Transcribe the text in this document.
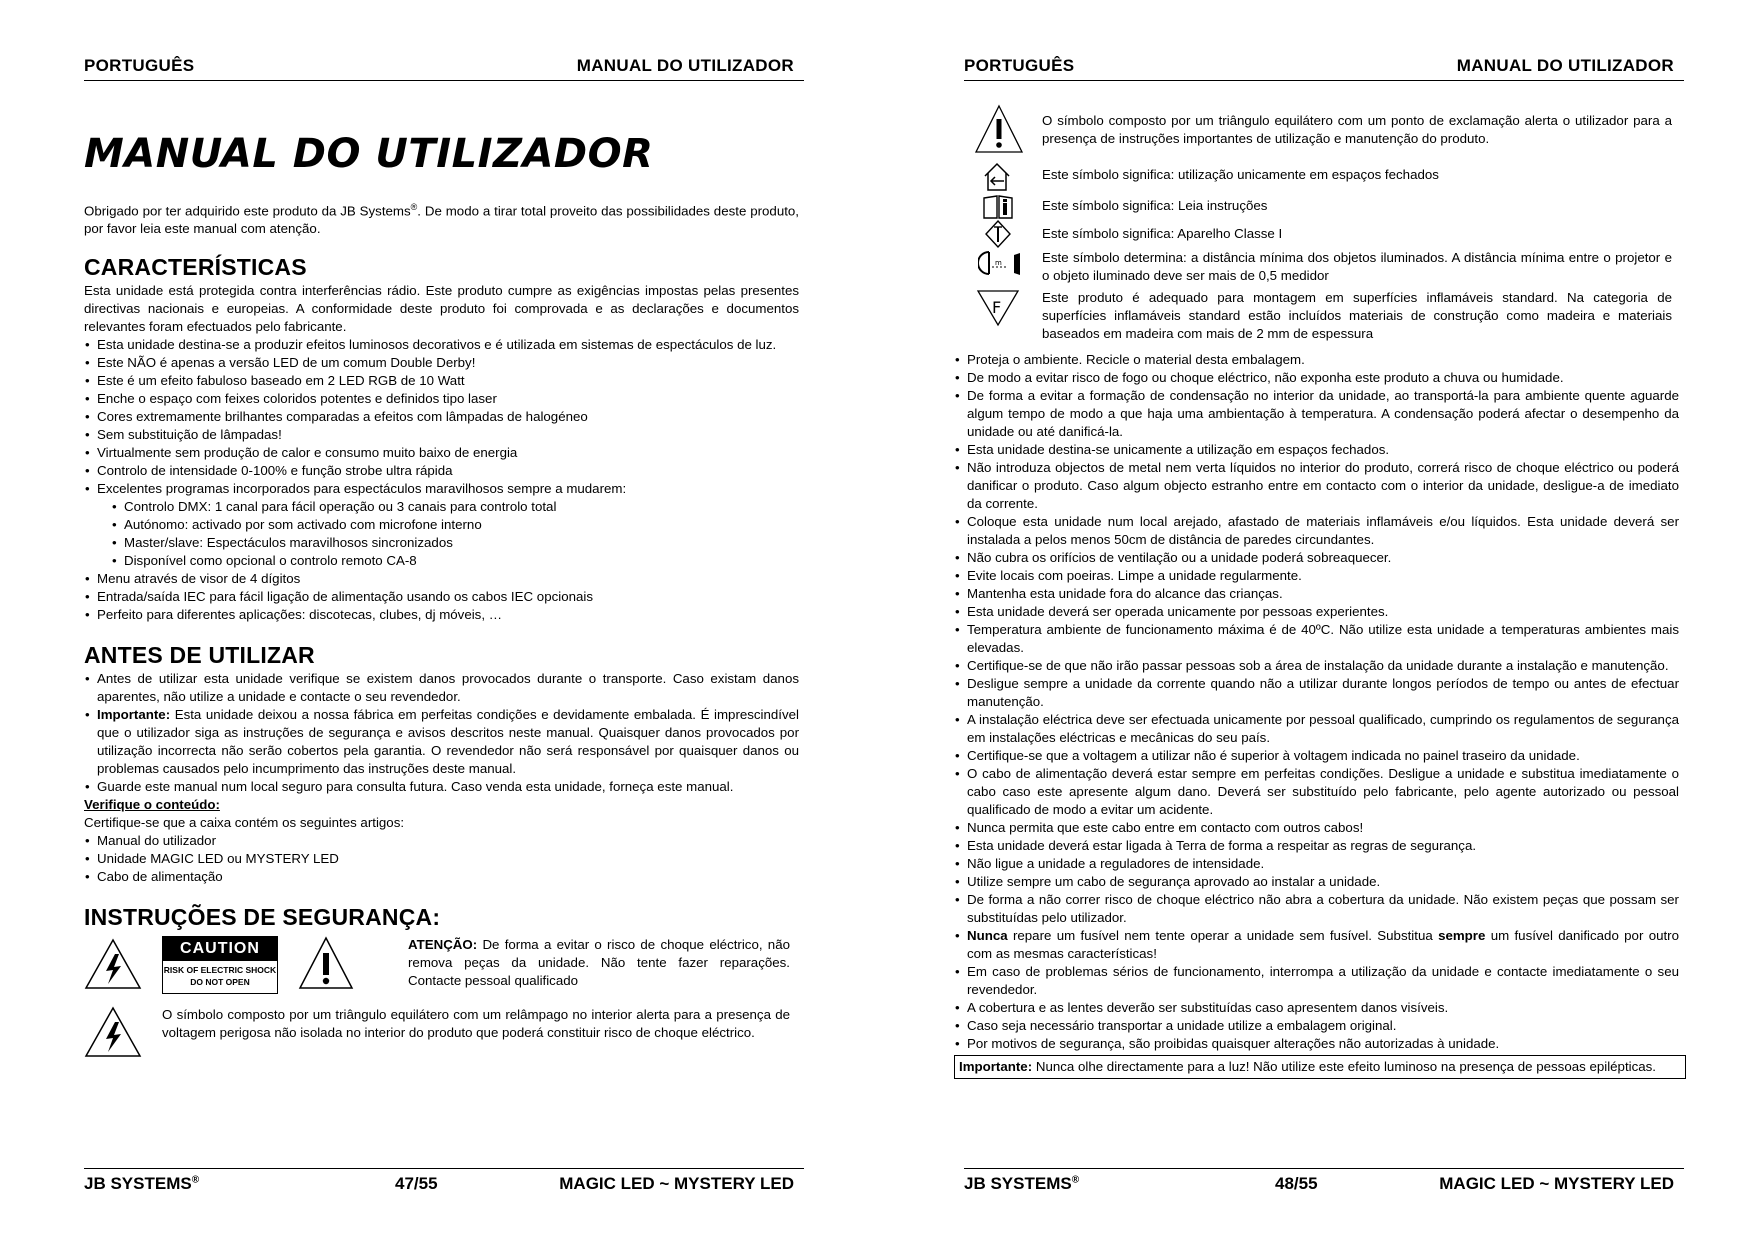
PORTUGUÊS	MANUAL DO UTILIZADOR
MANUAL DO UTILIZADOR

Obrigado por ter adquirido este produto da JB Systems®. De modo a tirar total proveito das possibilidades deste produto, por favor leia este manual com atenção.

CARACTERÍSTICAS

Esta unidade está protegida contra interferências rádio. Este produto cumpre as exigências impostas pelas presentes directivas nacionais e europeias. A conformidade deste produto foi comprovada e as declarações e documentos relevantes foram efectuados pelo fabricante.

• Esta unidade destina-se a produzir efeitos luminosos decorativos e é utilizada em sistemas de espectáculos de luz.
• Este NÃO é apenas a versão LED de um comum Double Derby!
• Este é um efeito fabuloso baseado em 2 LED RGB de 10 Watt
• Enche o espaço com feixes coloridos potentes e definidos tipo laser
• Cores extremamente brilhantes comparadas a efeitos com lâmpadas de halogéneo
• Sem substituição de lâmpadas!
• Virtualmente sem produção de calor e consumo muito baixo de energia
• Controlo de intensidade 0-100% e função strobe ultra rápida
• Excelentes programas incorporados para espectáculos maravilhosos sempre a mudarem:
• Controlo DMX: 1 canal para fácil operação ou 3 canais para controlo total
• Autónomo: activado por som activado com microfone interno
• Master/slave: Espectáculos maravilhosos sincronizados
• Disponível como opcional o controlo remoto CA-8
• Menu através de visor de 4 dígitos
• Entrada/saída IEC para fácil ligação de alimentação usando os cabos IEC opcionais
• Perfeito para diferentes aplicações: discotecas, clubes, dj móveis, …
ANTES DE UTILIZAR
• Antes de utilizar esta unidade verifique se existem danos provocados durante o transporte. Caso existam danos aparentes, não utilize a unidade e contacte o seu revendedor.
• Importante: Esta unidade deixou a nossa fábrica em perfeitas condições e devidamente embalada. É imprescindível que o utilizador siga as instruções de segurança e avisos descritos neste manual. Quaisquer danos provocados por utilização incorrecta não serão cobertos pela garantia. O revendedor não será responsável por quaisquer danos ou problemas causados pelo incumprimento das instruções deste manual.
• Guarde este manual num local seguro para consulta futura. Caso venda esta unidade, forneça este manual.

Verifique o conteúdo:

Certifique-se que a caixa contém os seguintes artigos:

• Manual do utilizador
• Unidade MAGIC LED ou MYSTERY LED
• Cabo de alimentação
INSTRUÇÕES DE SEGURANÇA:
CAUTION
RISK OF ELECTRIC SHOCK
DO NOT OPEN

ATENÇÃO: De forma a evitar o risco de choque eléctrico, não remova peças da unidade. Não tente fazer reparações. Contacte pessoal qualificado

O símbolo composto por um triângulo equilátero com um relâmpago no interior alerta para a presença de voltagem perigosa não isolada no interior do produto que poderá constituir risco de choque eléctrico.

JB SYSTEMS®	47/55	MAGIC LED ~ MYSTERY LED
PORTUGUÊS	MANUAL DO UTILIZADOR

O símbolo composto por um triângulo equilátero com um ponto de exclamação alerta o utilizador para a presença de instruções importantes de utilização e manutenção do produto.

Este símbolo significa: utilização unicamente em espaços fechados

Este símbolo significa: Leia instruções

Este símbolo significa: Aparelho Classe I

m	Este símbolo determina: a distância mínima dos objetos iluminados. A distância mínima entre o projetor e o objeto iluminado deve ser mais de 0,5 medidor

F

Este produto é adequado para montagem em superfícies inflamáveis standard. Na categoria de superfícies inflamáveis standard estão incluídos materiais de construção como madeira e materiais baseados em madeira com mais de 2 mm de espessura

• Proteja o ambiente. Recicle o material desta embalagem.
• De modo a evitar risco de fogo ou choque eléctrico, não exponha este produto a chuva ou humidade.
• De forma a evitar a formação de condensação no interior da unidade, ao transportá-la para ambiente quente aguarde algum tempo de modo a que haja uma ambientação à temperatura. A condensação poderá afectar o desempenho da unidade ou até danificá-la.
• Esta unidade destina-se unicamente a utilização em espaços fechados.
• Não introduza objectos de metal nem verta líquidos no interior do produto, correrá risco de choque eléctrico ou poderá danificar o produto. Caso algum objecto estranho entre em contacto com o interior da unidade, desligue-a de imediato da corrente.
• Coloque esta unidade num local arejado, afastado de materiais inflamáveis e/ou líquidos. Esta unidade deverá ser instalada a pelos menos 50cm de distância de paredes circundantes.
• Não cubra os orifícios de ventilação ou a unidade poderá sobreaquecer.
• Evite locais com poeiras. Limpe a unidade regularmente.
• Mantenha esta unidade fora do alcance das crianças.
• Esta unidade deverá ser operada unicamente por pessoas experientes.
• Temperatura ambiente de funcionamento máxima é de 40ºC. Não utilize esta unidade a temperaturas ambientes mais elevadas.
• Certifique-se de que não irão passar pessoas sob a área de instalação da unidade durante a instalação e manutenção.
• Desligue sempre a unidade da corrente quando não a utilizar durante longos períodos de tempo ou antes de efectuar manutenção.
• A instalação eléctrica deve ser efectuada unicamente por pessoal qualificado, cumprindo os regulamentos de segurança em instalações eléctricas e mecânicas do seu país.
• Certifique-se que a voltagem a utilizar não é superior à voltagem indicada no painel traseiro da unidade.
• O cabo de alimentação deverá estar sempre em perfeitas condições. Desligue a unidade e substitua imediatamente o cabo caso este apresente algum dano. Deverá ser substituído pelo fabricante, pelo agente autorizado ou pessoal qualificado de modo a evitar um acidente.
• Nunca permita que este cabo entre em contacto com outros cabos!
• Esta unidade deverá estar ligada à Terra de forma a respeitar as regras de segurança.
• Não ligue a unidade a reguladores de intensidade.
• Utilize sempre um cabo de segurança aprovado ao instalar a unidade.
• De forma a não correr risco de choque eléctrico não abra a cobertura da unidade. Não existem peças que possam ser substituídas pelo utilizador.
• Nunca repare um fusível nem tente operar a unidade sem fusível. Substitua sempre um fusível danificado por outro com as mesmas características!
• Em caso de problemas sérios de funcionamento, interrompa a utilização da unidade e contacte imediatamente o seu revendedor.
• A cobertura e as lentes deverão ser substituídas caso apresentem danos visíveis.
• Caso seja necessário transportar a unidade utilize a embalagem original.
• Por motivos de segurança, são proibidas quaisquer alterações não autorizadas à unidade.
Importante: Nunca olhe directamente para a luz! Não utilize este efeito luminoso na presença de pessoas epilépticas.
JB SYSTEMS®	48/55	MAGIC LED ~ MYSTERY LED
